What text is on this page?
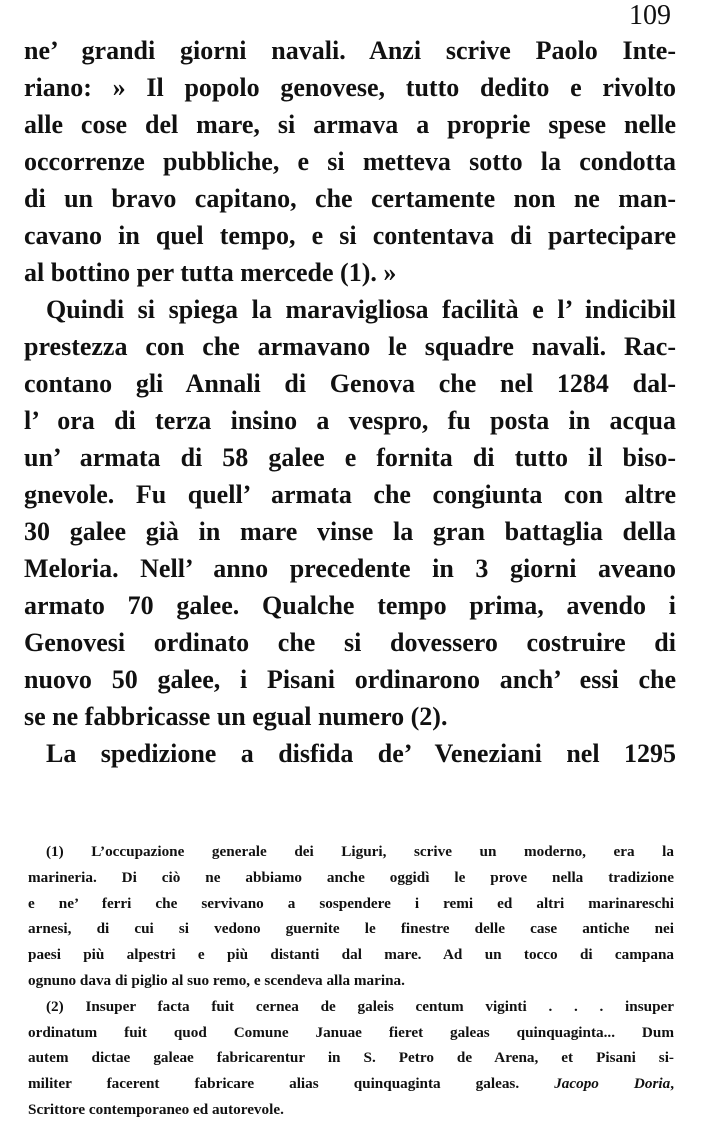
109
ne’ grandi giorni navali. Anzi scrive Paolo Inte-
riano: » Il popolo genovese, tutto dedito e rivolto
alle cose del mare, si armava a proprie spese nelle
occorrenze pubbliche, e si metteva sotto la condotta
di un bravo capitano, che certamente non ne man-
cavano in quel tempo, e si contentava di partecipare
al bottino per tutta mercede (1). »
Quindi si spiega la maravigliosa facilità e l’ indicibil
prestezza con che armavano le squadre navali. Rac-
contano gli Annali di Genova che nel 1284 dal-
l’ ora di terza insino a vespro, fu posta in acqua
un’ armata di 58 galee e fornita di tutto il biso-
gnevole. Fu quell’ armata che congiunta con altre
30 galee già in mare vinse la gran battaglia della
Meloria. Nell’ anno precedente in 3 giorni aveano
armato 70 galee. Qualche tempo prima, avendo i
Genovesi ordinato che si dovessero costruire di
nuovo 50 galee, i Pisani ordinarono anch’ essi che
se ne fabbricasse un egual numero (2).
La spedizione a disfida de’ Veneziani nel 1295
(1) L’occupazione generale dei Liguri, scrive un moderno, era la
marineria. Di ciò ne abbiamo anche oggidì le prove nella tradizione
e ne’ ferri che servivano a sospendere i remi ed altri marinareschi
arnesi, di cui si vedono guernite le finestre delle case antiche nei
paesi più alpestri e più distanti dal mare. Ad un tocco di campana
ognuno dava di piglio al suo remo, e scendeva alla marina.
(2) Insuper facta fuit cernea de galeis centum viginti . . . insuper
ordinatum fuit quod Comune Januae fieret galeas quinquaginta... Dum
autem dictae galeae fabricarentur in S. Petro de Arena, et Pisani si-
militer facerent fabricare alias quinquaginta galeas. Jacopo Doria,
Scrittore contemporaneo ed autorevole.
